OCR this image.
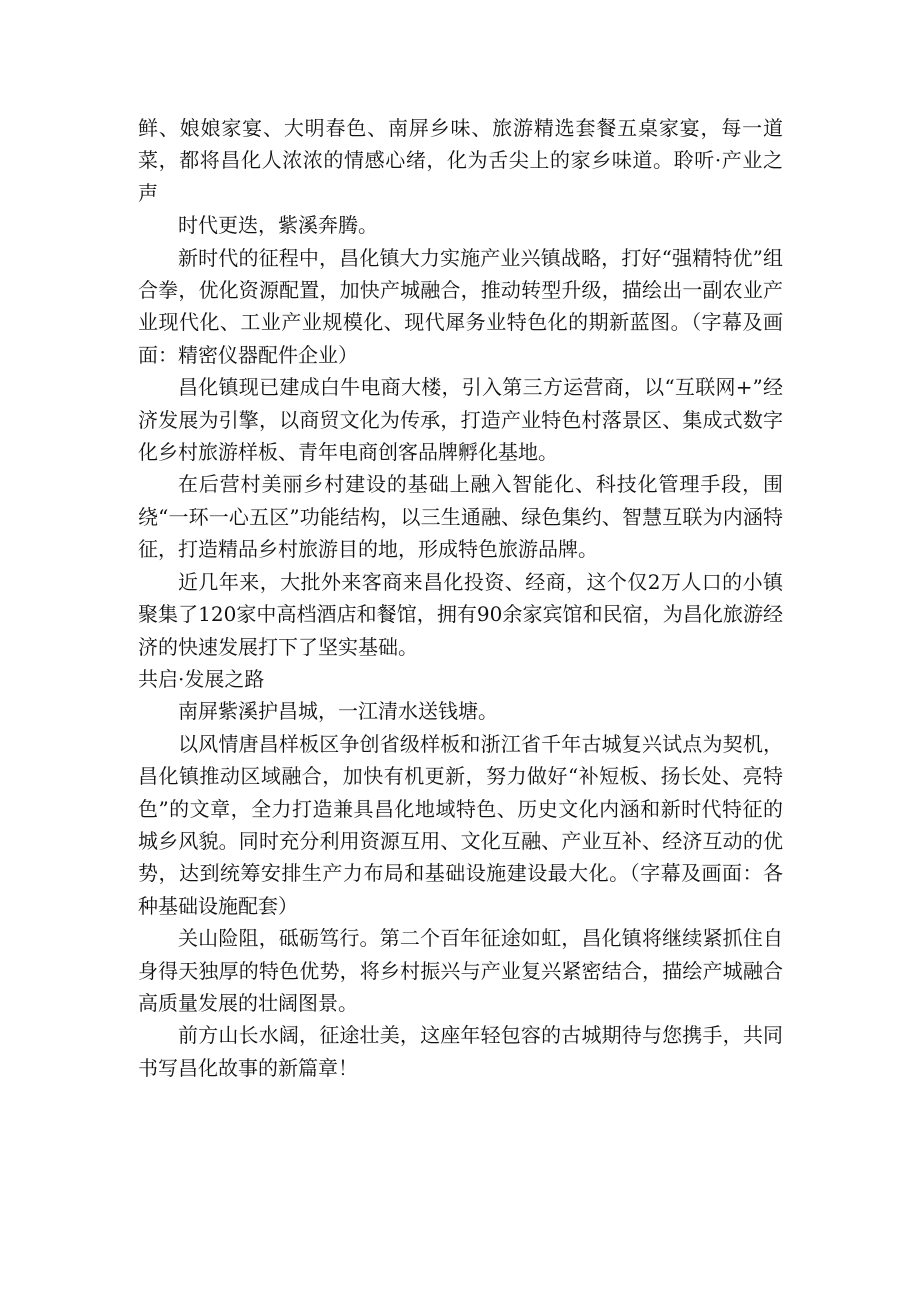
鲜、娘娘家宴、大明春色、南屏乡味、旅游精选套餐五桌家宴，每一道菜，都将昌化人浓浓的情感心绪，化为舌尖上的家乡味道。聆听·产业之声

时代更迭，紫溪奔腾。

新时代的征程中，昌化镇大力实施产业兴镇战略，打好“强精特优”组合拳，优化资源配置，加快产城融合，推动转型升级，描绘出一副农业产业现代化、工业产业规模化、现代犀务业特色化的期新蓝图。（字幕及画面：精密仪器配件企业）

昌化镇现已建成白牛电商大楼，引入第三方运营商，以“互联网+”经济发展为引擎，以商贸文化为传承，打造产业特色村落景区、集成式数字化乡村旅游样板、青年电商创客品牌孵化基地。

在后营村美丽乡村建设的基础上融入智能化、科技化管理手段，围绕“一环一心五区”功能结构，以三生通融、绿色集约、智慧互联为内涵特征，打造精品乡村旅游目的地，形成特色旅游品牌。

近几年来，大批外来客商来昌化投资、经商，这个仅2万人口的小镇聚集了120家中高档酒店和餐馆，拥有90余家宾馆和民宿，为昌化旅游经济的快速发展打下了坚实基础。

共启·发展之路

南屏紫溪护昌城，一江清水送钱塘。

以风情唐昌样板区争创省级样板和浙江省千年古城复兴试点为契机，昌化镇推动区域融合，加快有机更新，努力做好“补短板、扬长处、亮特色”的文章，全力打造兼具昌化地域特色、历史文化内涵和新时代特征的城乡风貌。同时充分利用资源互用、文化互融、产业互补、经济互动的优势，达到统筹安排生产力布局和基础设施建设最大化。（字幕及画面：各种基础设施配套）

关山险阻，砥砺笃行。第二个百年征途如虹，昌化镇将继续紧抓住自身得天独厚的特色优势，将乡村振兴与产业复兴紧密结合，描绘产城融合高质量发展的壮阔图景。

前方山长水阔，征途壮美，这座年轻包容的古城期待与您携手，共同书写昌化故事的新篇章！
